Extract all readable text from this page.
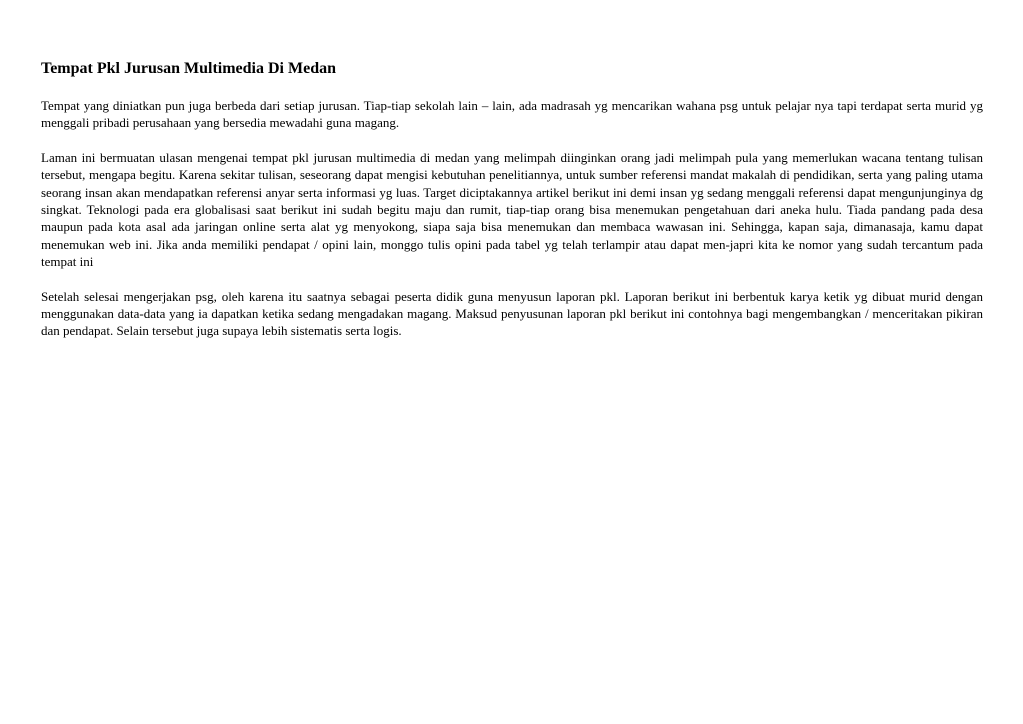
Tempat Pkl Jurusan Multimedia Di Medan

Tempat yang diniatkan pun juga berbeda dari setiap jurusan. Tiap-tiap sekolah lain – lain, ada madrasah yg mencarikan wahana psg untuk pelajar nya tapi terdapat serta murid yg menggali pribadi perusahaan yang bersedia mewadahi guna magang.

Laman ini bermuatan ulasan mengenai tempat pkl jurusan multimedia di medan yang melimpah diinginkan orang jadi melimpah pula yang memerlukan wacana tentang tulisan tersebut, mengapa begitu. Karena sekitar tulisan, seseorang dapat mengisi kebutuhan penelitiannya, untuk sumber referensi mandat makalah di pendidikan, serta yang paling utama seorang insan akan mendapatkan referensi anyar serta informasi yg luas. Target diciptakannya artikel berikut ini demi insan yg sedang menggali referensi dapat mengunjunginya dg singkat. Teknologi pada era globalisasi saat berikut ini sudah begitu maju dan rumit, tiap-tiap orang bisa menemukan pengetahuan dari aneka hulu. Tiada pandang pada desa maupun pada kota asal ada jaringan online serta alat yg menyokong, siapa saja bisa menemukan dan membaca wawasan ini. Sehingga, kapan saja, dimanasaja, kamu dapat menemukan web ini. Jika anda memiliki pendapat / opini lain, monggo tulis opini pada tabel yg telah terlampir atau dapat men-japri kita ke nomor yang sudah tercantum pada tempat ini

Setelah selesai mengerjakan psg, oleh karena itu saatnya sebagai peserta didik guna menyusun laporan pkl. Laporan berikut ini berbentuk karya ketik yg dibuat murid dengan menggunakan data-data yang ia dapatkan ketika sedang mengadakan magang. Maksud penyusunan laporan pkl berikut ini contohnya bagi mengembangkan / menceritakan pikiran dan pendapat. Selain tersebut juga supaya lebih sistematis serta logis.
